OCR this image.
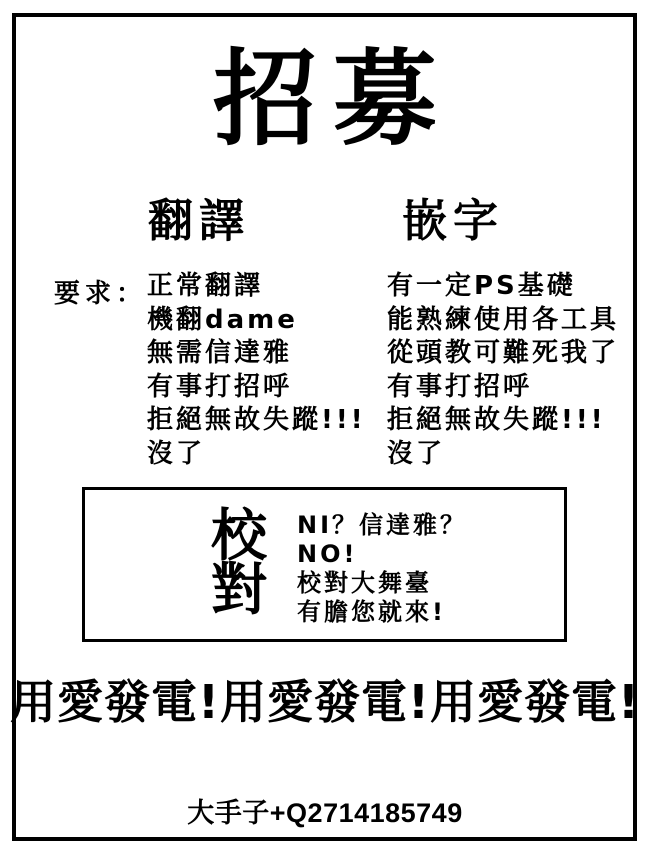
招募
翻譯	嵌字
要求： 正常翻譯
機翻dame
無需信達雅
有事打招呼
拒絕無故失蹤!!!
沒了
有一定PS基礎
能熟練使用各工具
從頭教可難死我了
有事打招呼
拒絕無故失蹤!!!
沒了
校
對
NI？信達雅？
NO!
校對大舞臺
有膽您就來!
用愛發電!用愛發電!用愛發電!
大手子+Q2714185749
